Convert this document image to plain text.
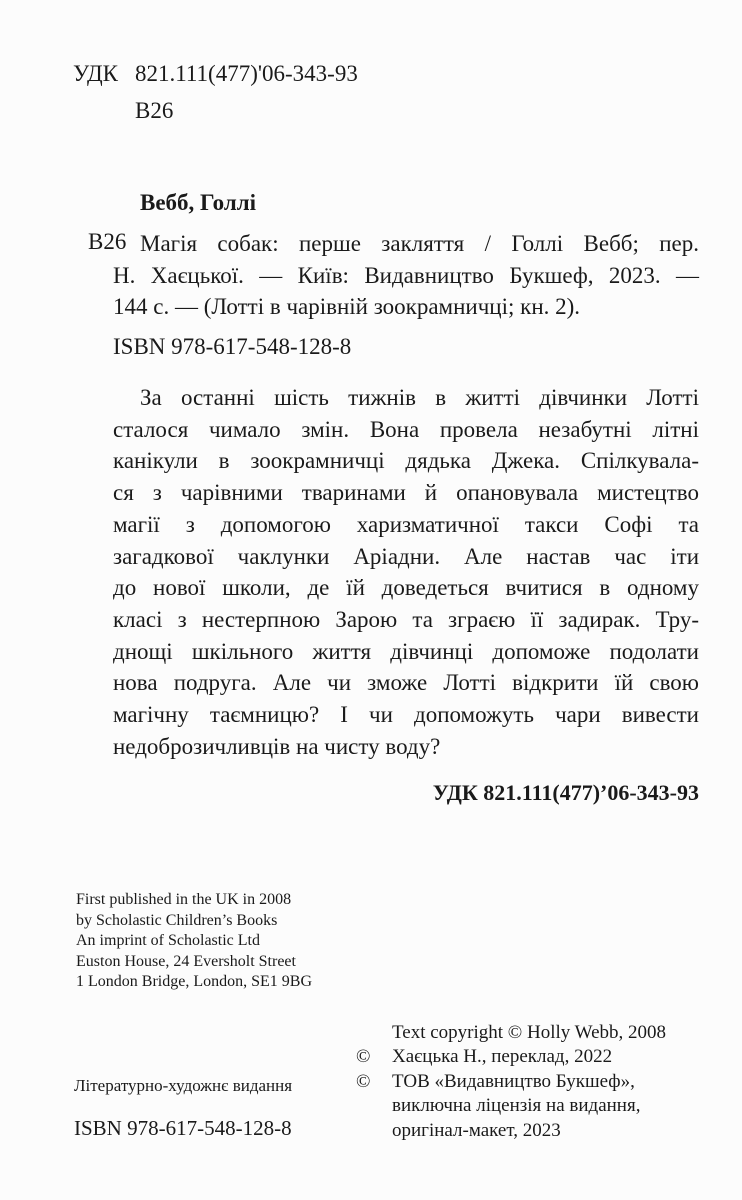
УДК 821.111(477)'06-343-93
В26
Вебб, Голлі
В26 Магія собак: перше закляття / Голлі Вебб; пер.
Н. Хаєцької. — Київ: Видавництво Букшеф, 2023. —
144 с. — (Лотті в чарівній зоокрамничці; кн. 2).
ISBN 978-617-548-128-8
За останні шість тижнів в житті дівчинки Лотті
сталося чимало змін. Вона провела незабутні літні
канікули в зоокрамничці дядька Джека. Спілкувала-
ся з чарівними тваринами й опановувала мистецтво
магії з допомогою харизматичної такси Софі та
загадкової чаклунки Аріадни. Але настав час іти
до нової школи, де їй доведеться вчитися в одному
класі з нестерпною Зарою та зграєю її задирак. Тру-
днощі шкільного життя дівчинці допоможе подолати
нова подруга. Але чи зможе Лотті відкрити їй свою
магічну таємницю? І чи допоможуть чари вивести
недоброзичливців на чисту воду?
УДК 821.111(477)’06-343-93
First published in the UK in 2008
by Scholastic Children’s Books
An imprint of Scholastic Ltd
Euston House, 24 Eversholt Street
1 London Bridge, London, SE1 9BG
Text copyright © Holly Webb, 2008
©	Хаєцька Н., переклад, 2022
©	ТОВ «Видавництво Букшеф»,
виключна ліцензія на видання,
оригінал-макет, 2023
Літературно-художнє видання
ISBN 978-617-548-128-8
